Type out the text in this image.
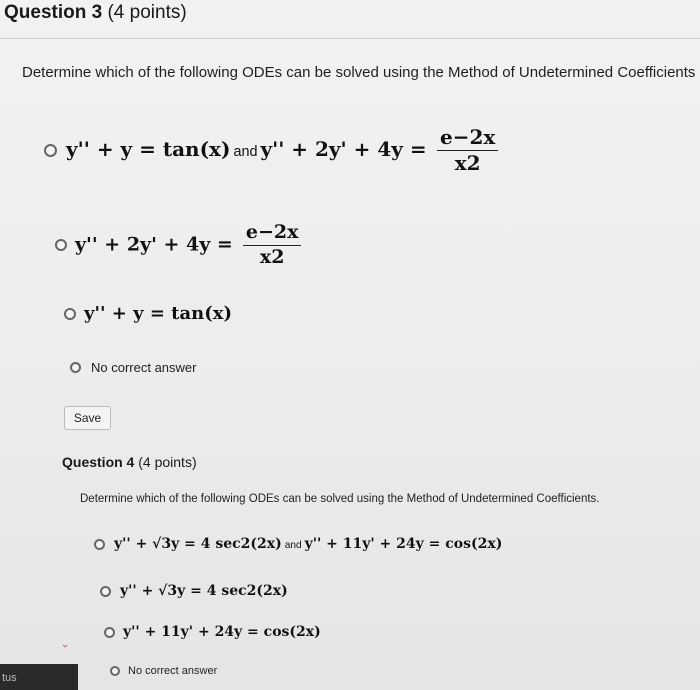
Question 3 (4 points)
Determine which of the following ODEs can be solved using the Method of Undetermined Coefficients
y'' + y = tan(x) and $y'' + 2y' + 4y = \frac{e-2x}{x2}$
$y'' + 2y' + 4y = \frac{e-2x}{x2}$
y'' + y = tan(x)
No correct answer
Save
Question 4 (4 points)
Determine which of the following ODEs can be solved using the Method of Undetermined Coefficients.
y'' + √3y = 4 sec2(2x) and y'' + 11y' + 24y = cos(2x)
y'' + √3y = 4 sec2(2x)
y'' + 11y' + 24y = cos(2x)
›
No correct answer
tus
